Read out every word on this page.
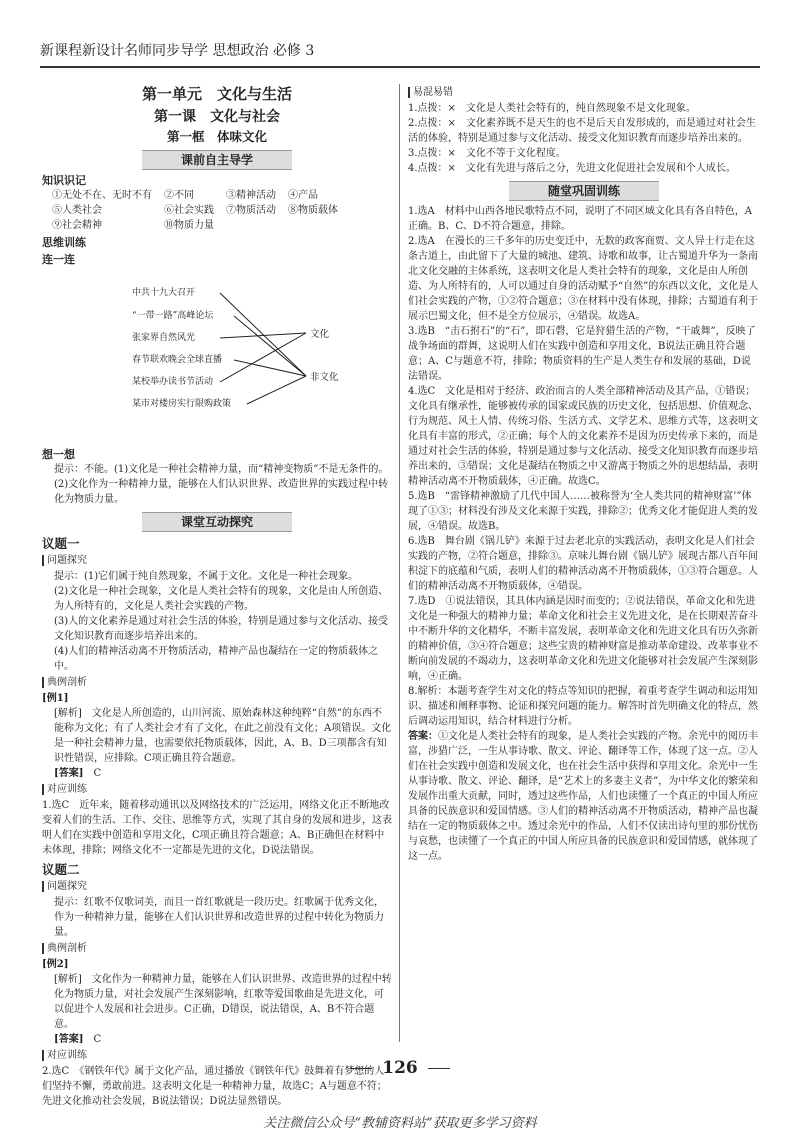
新课程新设计名师同步导学 思想政治 必修 3
第一单元　文化与生活
第一课　文化与社会
第一框　体味文化
课前自主导学
知识识记
①无处不在、无时不有	②不同	③精神活动	④产品
⑤人类社会	⑥社会实践	⑦物质活动	⑧物质载体
⑨社会精神	⑩物质力量
思维训练
连一连
中共十九大召开
“一带一路”高峰论坛
张家界自然风光
春节联欢晚会全球直播
某校举办读书节活动
某市对楼房实行限购政策
文化
非文化
想一想

提示：不能。(1)文化是一种社会精神力量，而“精神变物质”不是无条件的。

(2)文化作为一种精神力量，能够在人们认识世界、改造世界的实践过程中转化为物质力量。

课堂互动探究
议题一
问题探究

提示：(1)它们属于纯自然现象，不属于文化。文化是一种社会现象。

(2)文化是一种社会现象，文化是人类社会特有的现象，文化是由人所创造、为人所特有的，文化是人类社会实践的产物。

(3)人的文化素养是通过对社会生活的体验，特别是通过参与文化活动、接受文化知识教育而逐步培养出来的。

(4)人们的精神活动离不开物质活动，精神产品也凝结在一定的物质载体之中。

典例剖析
[例1]

[解析]　文化是人所创造的，山川河流、原始森林这种纯粹“自然”的东西不能称为文化；有了人类社会才有了文化，在此之前没有文化；A项错误。文化是一种社会精神力量，也需要依托物质载体，因此，A、B、D三项都含有知识性错误，应排除。C项正确且符合题意。

[答案]　 C

对应训练

1.选C　近年来，随着移动通讯以及网络技术的广泛运用，网络文化正不断地改变着人们的生活、工作、交往、思维等方式，实现了其自身的发展和进步，这表明人们在实践中创造和享用文化，C项正确且符合题意；A、B正确但在材料中未体现，排除；网络文化不一定都是先进的文化，D说法错误。

议题二
问题探究

提示：红歌不仅歌词美，而且一首红歌就是一段历史。红歌属于优秀文化，作为一种精神力量，能够在人们认识世界和改造世界的过程中转化为物质力量。

典例剖析
[例2]

[解析]　文化作为一种精神力量，能够在人们认识世界、改造世界的过程中转化为物质力量，对社会发展产生深刻影响，红歌等爱国歌曲是先进文化，可以促进个人发展和社会进步。C正确，D错误，说法错误，A、B不符合题意。

[答案]　 C

对应训练

2.选C　《钢铁年代》属于文化产品，通过播放《钢铁年代》鼓舞着有梦想的人们坚持不懈，勇敢前进。这表明文化是一种精神力量，故选C；A与题意不符；先进文化推动社会发展，B说法错误；D说法显然错误。

易混易错

1.点拨：×　文化是人类社会特有的，纯自然现象不是文化现象。

2.点拨：×　文化素养既不是天生的也不是后天自发形成的，而是通过对社会生活的体验，特别是通过参与文化活动、接受文化知识教育而逐步培养出来的。

3.点拨：×　文化不等于文化程度。

4.点拨：×　文化有先进与落后之分，先进文化促进社会发展和个人成长。

随堂巩固训练

1.选A　材料中山西各地民歌特点不同，说明了不同区域文化具有各自特色，A正确。B、C、D不符合题意，排除。

2.选A　在漫长的三千多年的历史变迁中，无数的政客商贾、文人异士行走在这条古道上，由此留下了大量的城池、建筑、诗歌和故事，让古蜀道升华为一条南北文化交融的主体系统，这表明文化是人类社会特有的现象，文化是由人所创造、为人所特有的，人可以通过自身的活动赋予“自然”的东西以文化，文化是人们社会实践的产物，①②符合题意；③在材料中没有体现，排除；古蜀道有利于展示巴蜀文化，但不是全方位展示，④错误。故选A。

3.选B　“击石拊石”的“石”，即石磬，它是狩猎生活的产物，“干戚舞”，反映了战争场面的群舞，这说明人们在实践中创造和享用文化，B说法正确且符合题意；A、C与题意不符，排除；物质资料的生产是人类生存和发展的基础，D说法错误。

4.选C　文化是相对于经济、政治而言的人类全部精神活动及其产品，①错误；文化具有继承性，能够被传承的国家或民族的历史文化，包括思想、价值观念、行为规范、风土人情、传统习俗、生活方式、文学艺术、思维方式等，这表明文化具有丰富的形式，②正确；每个人的文化素养不是因为历史传承下来的，而是通过对社会生活的体验，特别是通过参与文化活动、接受文化知识教育而逐步培养出来的，③错误；文化是凝结在物质之中又游离于物质之外的思想结晶，表明精神活动离不开物质载体，④正确。故选C。

5.选B　“雷锋精神激励了几代中国人……被称誉为‘全人类共同的精神财富’”体现了①③；材料没有涉及文化来源于实践，排除②；优秀文化才能促进人类的发展，④错误。故选B。

6.选B　舞台剧《锅儿铲》来源于过去老北京的实践活动，表明文化是人们社会实践的产物，②符合题意，排除③。京味儿舞台剧《锅儿铲》展现古都八百年间积淀下的底蕴和气质，表明人们的精神活动离不开物质载体，①③符合题意。人们的精神活动离不开物质载体，④错误。

7.选D　①说法错误，其具体内涵是因时而变的；②说法错误，革命文化和先进文化是一种强大的精神力量；革命文化和社会主义先进文化，是在长期艰苦奋斗中不断升华的文化精华，不断丰富发展，表明革命文化和先进文化具有历久弥新的精神价值，③④符合题意；这些宝贵的精神财富是推动革命建设、改革事业不断向前发展的不竭动力，这表明革命文化和先进文化能够对社会发展产生深刻影响，④正确。

8.解析：本题考查学生对文化的特点等知识的把握，着重考查学生调动和运用知识、描述和阐释事物、论证和探究问题的能力。解答时首先明确文化的特点，然后调动运用知识，结合材料进行分析。

答案：①文化是人类社会特有的现象，是人类社会实践的产物。余光中的阅历丰富，涉猎广泛，一生从事诗歌、散文、评论、翻译等工作，体现了这一点。②人们在社会实践中创造和发展文化，也在社会生活中获得和享用文化。余光中一生从事诗歌、散文、评论、翻译，是“艺术上的多妻主义者”，为中华文化的繁荣和发展作出重大贡献，同时，透过这些作品，人们也读懂了一个真正的中国人所应具备的民族意识和爱国情感。③人们的精神活动离不开物质活动，精神产品也凝结在一定的物质载体之中。透过余光中的作品，人们不仅读出诗句里的那份忧伤与哀愁，也读懂了一个真正的中国人所应具备的民族意识和爱国情感，就体现了这一点。

126
关注微信公众号“教辅资料站”获取更多学习资料
